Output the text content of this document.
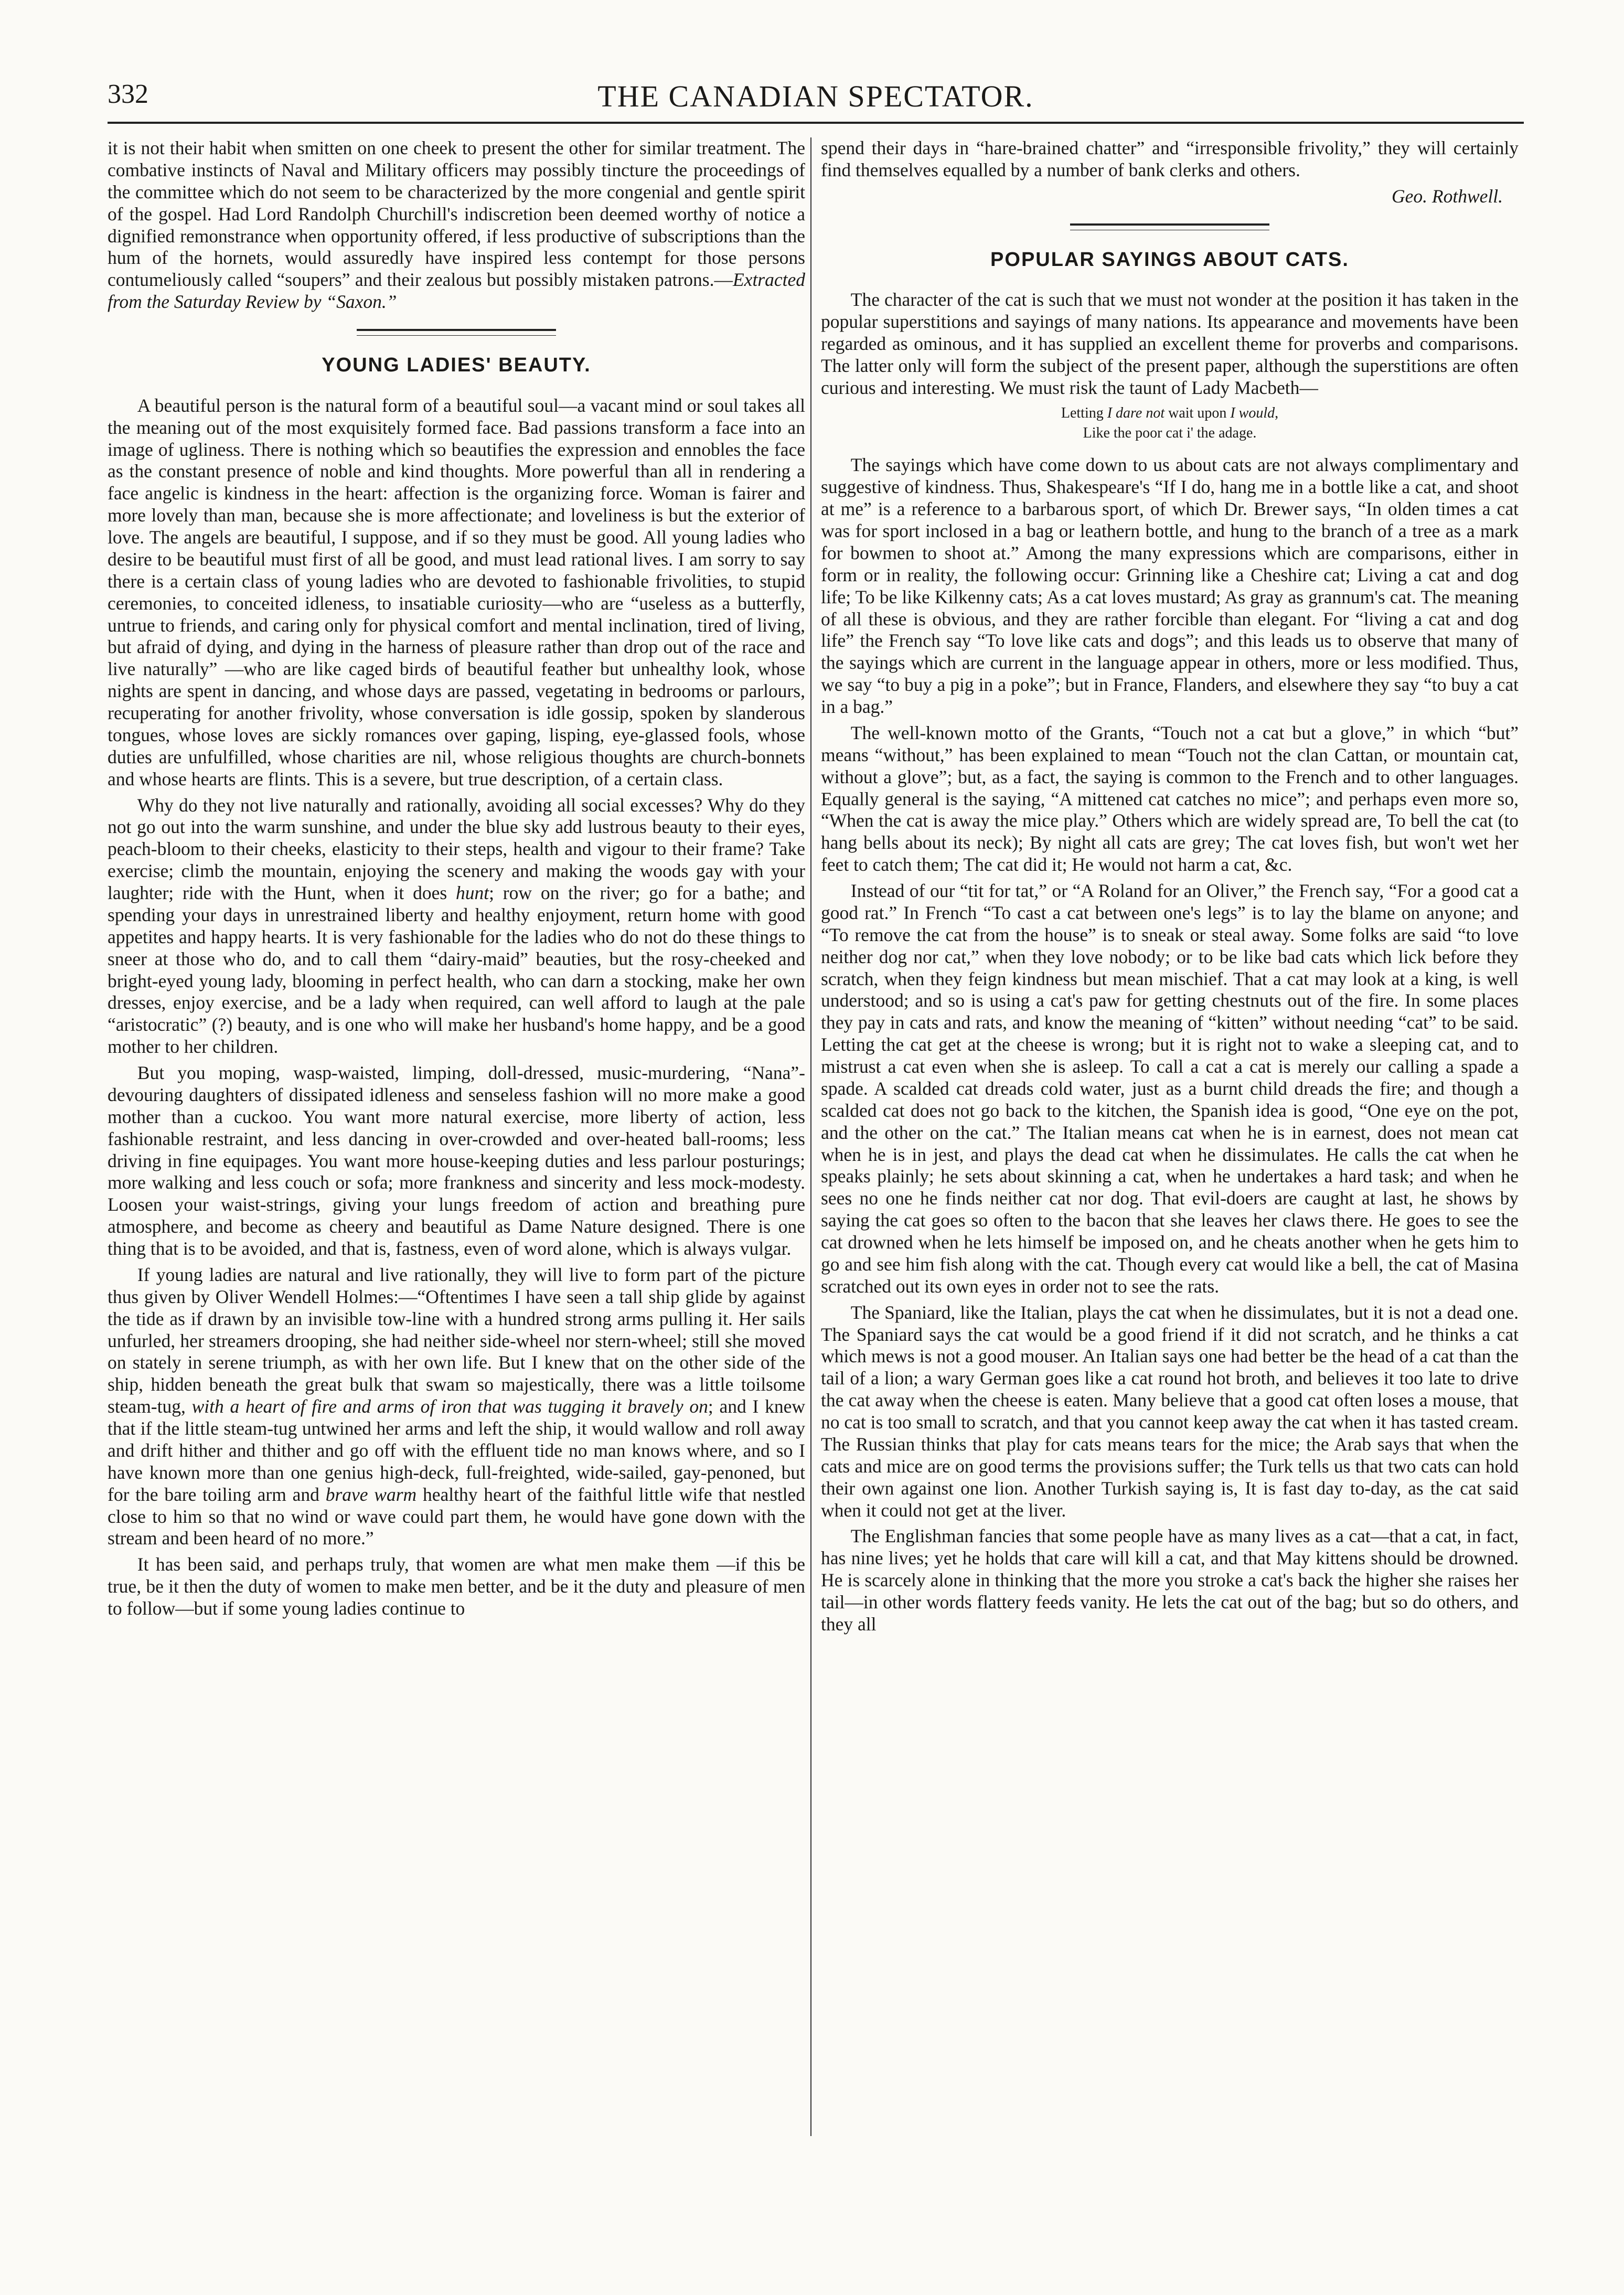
332	THE CANADIAN SPECTATOR.

it is not their habit when smitten on one cheek to present the other for similar treatment. The combative instincts of Naval and Military officers may possibly tincture the proceedings of the committee which do not seem to be characterized by the more congenial and gentle spirit of the gospel. Had Lord Randolph Churchill's indiscretion been deemed worthy of notice a dignified remonstrance when opportunity offered, if less productive of subscriptions than the hum of the hornets, would assuredly have inspired less contempt for those persons contumeliously called “soupers” and their zealous but possibly mistaken patrons.—Extracted from the Saturday Review by “Saxon.”

YOUNG LADIES' BEAUTY.

A beautiful person is the natural form of a beautiful soul—a vacant mind or soul takes all the meaning out of the most exquisitely formed face. Bad passions transform a face into an image of ugliness. There is nothing which so beautifies the expression and ennobles the face as the constant presence of noble and kind thoughts. More powerful than all in rendering a face angelic is kindness in the heart: affection is the organizing force. Woman is fairer and more lovely than man, because she is more affectionate; and loveliness is but the exterior of love. The angels are beautiful, I suppose, and if so they must be good. All young ladies who desire to be beautiful must first of all be good, and must lead rational lives. I am sorry to say there is a certain class of young ladies who are devoted to fashionable frivolities, to stupid ceremonies, to conceited idleness, to insatiable curiosity—who are “useless as a butterfly, untrue to friends, and caring only for physical comfort and mental inclination, tired of living, but afraid of dying, and dying in the harness of pleasure rather than drop out of the race and live naturally” —who are like caged birds of beautiful feather but unhealthy look, whose nights are spent in dancing, and whose days are passed, vegetating in bedrooms or parlours, recuperating for another frivolity, whose conversation is idle gossip, spoken by slanderous tongues, whose loves are sickly romances over gaping, lisping, eye-glassed fools, whose duties are unfulfilled, whose charities are nil, whose religious thoughts are church-bonnets and whose hearts are flints. This is a severe, but true description, of a certain class.

Why do they not live naturally and rationally, avoiding all social excesses? Why do they not go out into the warm sunshine, and under the blue sky add lustrous beauty to their eyes, peach-bloom to their cheeks, elasticity to their steps, health and vigour to their frame? Take exercise; climb the mountain, enjoying the scenery and making the woods gay with your laughter; ride with the Hunt, when it does hunt; row on the river; go for a bathe; and spending your days in unrestrained liberty and healthy enjoyment, return home with good appetites and happy hearts. It is very fashionable for the ladies who do not do these things to sneer at those who do, and to call them “dairy-maid” beauties, but the rosy-cheeked and bright-eyed young lady, blooming in perfect health, who can darn a stocking, make her own dresses, enjoy exercise, and be a lady when required, can well afford to laugh at the pale “aristocratic” (?) beauty, and is one who will make her husband's home happy, and be a good mother to her children.

But you moping, wasp-waisted, limping, doll-dressed, music-murdering, “Nana”-devouring daughters of dissipated idleness and senseless fashion will no more make a good mother than a cuckoo. You want more natural exercise, more liberty of action, less fashionable restraint, and less dancing in over-crowded and over-heated ball-rooms; less driving in fine equipages. You want more house-keeping duties and less parlour posturings; more walking and less couch or sofa; more frankness and sincerity and less mock-modesty. Loosen your waist-strings, giving your lungs freedom of action and breathing pure atmosphere, and become as cheery and beautiful as Dame Nature designed. There is one thing that is to be avoided, and that is, fastness, even of word alone, which is always vulgar.

If young ladies are natural and live rationally, they will live to form part of the picture thus given by Oliver Wendell Holmes:—“Oftentimes I have seen a tall ship glide by against the tide as if drawn by an invisible tow-line with a hundred strong arms pulling it. Her sails unfurled, her streamers drooping, she had neither side-wheel nor stern-wheel; still she moved on stately in serene triumph, as with her own life. But I knew that on the other side of the ship, hidden beneath the great bulk that swam so majestically, there was a little toilsome steam-tug, with a heart of fire and arms of iron that was tugging it bravely on; and I knew that if the little steam-tug untwined her arms and left the ship, it would wallow and roll away and drift hither and thither and go off with the effluent tide no man knows where, and so I have known more than one genius high-deck, full-freighted, wide-sailed, gay-penoned, but for the bare toiling arm and brave warm healthy heart of the faithful little wife that nestled close to him so that no wind or wave could part them, he would have gone down with the stream and been heard of no more.”

It has been said, and perhaps truly, that women are what men make them —if this be true, be it then the duty of women to make men better, and be it the duty and pleasure of men to follow—but if some young ladies continue to

spend their days in “hare-brained chatter” and “irresponsible frivolity,” they will certainly find themselves equalled by a number of bank clerks and others.

Geo. Rothwell.
POPULAR SAYINGS ABOUT CATS.

The character of the cat is such that we must not wonder at the position it has taken in the popular superstitions and sayings of many nations. Its appearance and movements have been regarded as ominous, and it has supplied an excellent theme for proverbs and comparisons. The latter only will form the subject of the present paper, although the superstitions are often curious and interesting. We must risk the taunt of Lady Macbeth—

Letting I dare not wait upon I would,
Like the poor cat i' the adage.

The sayings which have come down to us about cats are not always complimentary and suggestive of kindness. Thus, Shakespeare's “If I do, hang me in a bottle like a cat, and shoot at me” is a reference to a barbarous sport, of which Dr. Brewer says, “In olden times a cat was for sport inclosed in a bag or leathern bottle, and hung to the branch of a tree as a mark for bowmen to shoot at.” Among the many expressions which are comparisons, either in form or in reality, the following occur: Grinning like a Cheshire cat; Living a cat and dog life; To be like Kilkenny cats; As a cat loves mustard; As gray as grannum's cat. The meaning of all these is obvious, and they are rather forcible than elegant. For “living a cat and dog life” the French say “To love like cats and dogs”; and this leads us to observe that many of the sayings which are current in the language appear in others, more or less modified. Thus, we say “to buy a pig in a poke”; but in France, Flanders, and elsewhere they say “to buy a cat in a bag.”

The well-known motto of the Grants, “Touch not a cat but a glove,” in which “but” means “without,” has been explained to mean “Touch not the clan Cattan, or mountain cat, without a glove”; but, as a fact, the saying is common to the French and to other languages. Equally general is the saying, “A mittened cat catches no mice”; and perhaps even more so, “When the cat is away the mice play.” Others which are widely spread are, To bell the cat (to hang bells about its neck); By night all cats are grey; The cat loves fish, but won't wet her feet to catch them; The cat did it; He would not harm a cat, &c.

Instead of our “tit for tat,” or “A Roland for an Oliver,” the French say, “For a good cat a good rat.” In French “To cast a cat between one's legs” is to lay the blame on anyone; and “To remove the cat from the house” is to sneak or steal away. Some folks are said “to love neither dog nor cat,” when they love nobody; or to be like bad cats which lick before they scratch, when they feign kindness but mean mischief. That a cat may look at a king, is well understood; and so is using a cat's paw for getting chestnuts out of the fire. In some places they pay in cats and rats, and know the meaning of “kitten” without needing “cat” to be said. Letting the cat get at the cheese is wrong; but it is right not to wake a sleeping cat, and to mistrust a cat even when she is asleep. To call a cat a cat is merely our calling a spade a spade. A scalded cat dreads cold water, just as a burnt child dreads the fire; and though a scalded cat does not go back to the kitchen, the Spanish idea is good, “One eye on the pot, and the other on the cat.” The Italian means cat when he is in earnest, does not mean cat when he is in jest, and plays the dead cat when he dissimulates. He calls the cat when he speaks plainly; he sets about skinning a cat, when he undertakes a hard task; and when he sees no one he finds neither cat nor dog. That evil-doers are caught at last, he shows by saying the cat goes so often to the bacon that she leaves her claws there. He goes to see the cat drowned when he lets himself be imposed on, and he cheats another when he gets him to go and see him fish along with the cat. Though every cat would like a bell, the cat of Masina scratched out its own eyes in order not to see the rats.

The Spaniard, like the Italian, plays the cat when he dissimulates, but it is not a dead one. The Spaniard says the cat would be a good friend if it did not scratch, and he thinks a cat which mews is not a good mouser. An Italian says one had better be the head of a cat than the tail of a lion; a wary German goes like a cat round hot broth, and believes it too late to drive the cat away when the cheese is eaten. Many believe that a good cat often loses a mouse, that no cat is too small to scratch, and that you cannot keep away the cat when it has tasted cream. The Russian thinks that play for cats means tears for the mice; the Arab says that when the cats and mice are on good terms the provisions suffer; the Turk tells us that two cats can hold their own against one lion. Another Turkish saying is, It is fast day to-day, as the cat said when it could not get at the liver.

The Englishman fancies that some people have as many lives as a cat—that a cat, in fact, has nine lives; yet he holds that care will kill a cat, and that May kittens should be drowned. He is scarcely alone in thinking that the more you stroke a cat's back the higher she raises her tail—in other words flattery feeds vanity. He lets the cat out of the bag; but so do others, and they all
